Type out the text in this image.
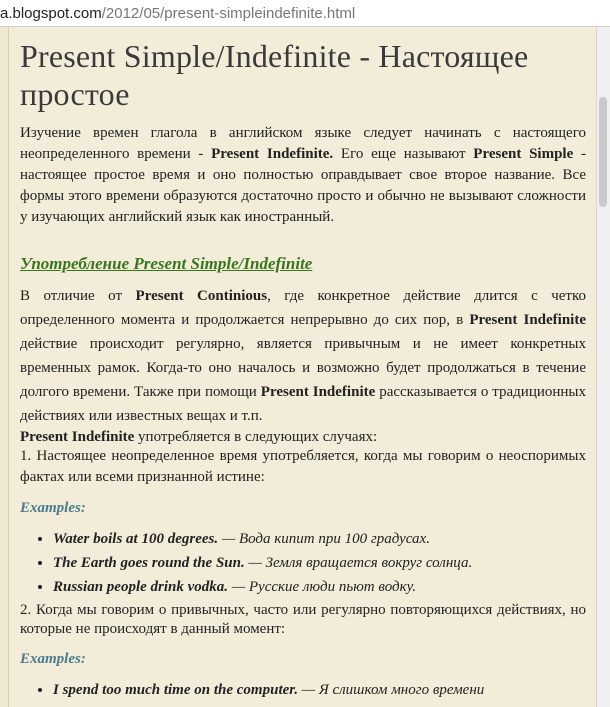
a.blogspot.com /2012/05/present-simpleindefinite.html
Present Simple/Indefinite - Настоящее простое

Изучение времен глагола в английском языке следует начинать с настоящего неопределенного времени - Present Indefinite. Его еще называют Present Simple - настоящее простое время и оно полностью оправдывает свое второе название. Все формы этого времени образуются достаточно просто и обычно не вызывают сложности у изучающих английский язык как иностранный.

Употребление Present Simple/Indefinite

В отличие от Present Continious, где конкретное действие длится с четко определенного момента и продолжается непрерывно до сих пор, в Present Indefinite действие происходит регулярно, является привычным и не имеет конкретных временных рамок. Когда-то оно началось и возможно будет продолжаться в течение долгого времени. Также при помощи Present Indefinite рассказывается о традиционных действиях или известных вещах и т.п.

Present Indefinite употребляется в следующих случаях:

1. Настоящее неопределенное время употребляется, когда мы говорим о неоспоримых фактах или всеми признанной истине:

Examples:
• Water boils at 100 degrees. — Вода кипит при 100 градусах.
• The Earth goes round the Sun. — Земля вращается вокруг солнца.
• Russian people drink vodka. — Русские люди пьют водку.

2. Когда мы говорим о привычных, часто или регулярно повторяющихся действиях, но которые не происходят в данный момент:

Examples:
• I spend too much time on the computer. — Я слишком много времени
